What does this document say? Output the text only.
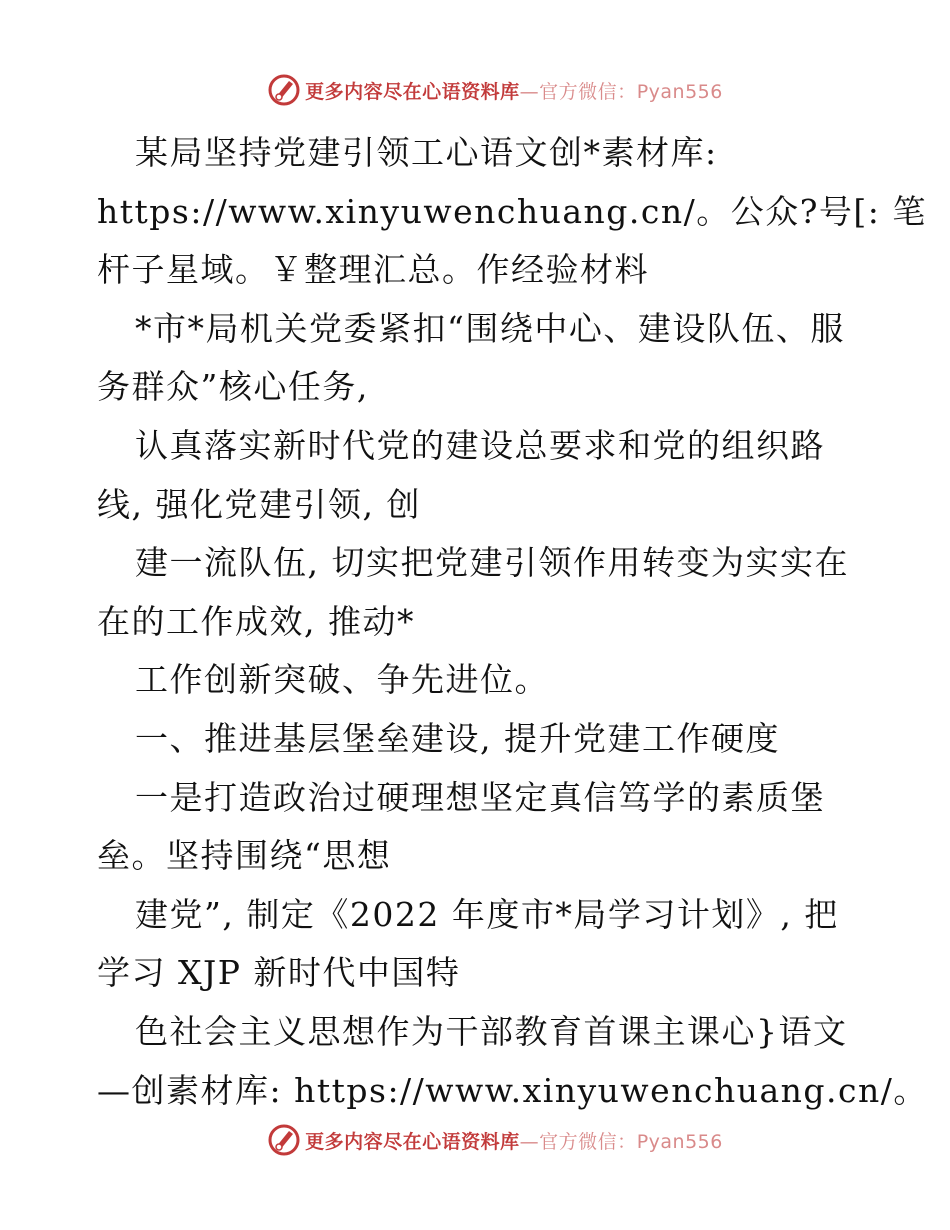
更多内容尽在心语资料库—官方微信：Pyan556
某局坚持党建引领工心语文创*素材库:
https://www.xinyuwenchuang.cn/。公众?号[: 笔
杆子星域。￥整理汇总。作经验材料
*市*局机关党委紧扣“围绕中心、建设队伍、服
务群众”核心任务,
认真落实新时代党的建设总要求和党的组织路
线, 强化党建引领, 创
建一流队伍, 切实把党建引领作用转变为实实在
在的工作成效, 推动*
工作创新突破、争先进位。
一、推进基层堡垒建设, 提升党建工作硬度
一是打造政治过硬理想坚定真信笃学的素质堡
垒。坚持围绕“思想
建党”, 制定《2022 年度市*局学习计划》, 把
学习 XJP 新时代中国特
色社会主义思想作为干部教育首课主课心}语文
—创素材库: https://www.xinyuwenchuang.cn/。
更多内容尽在心语资料库—官方微信：Pyan556
